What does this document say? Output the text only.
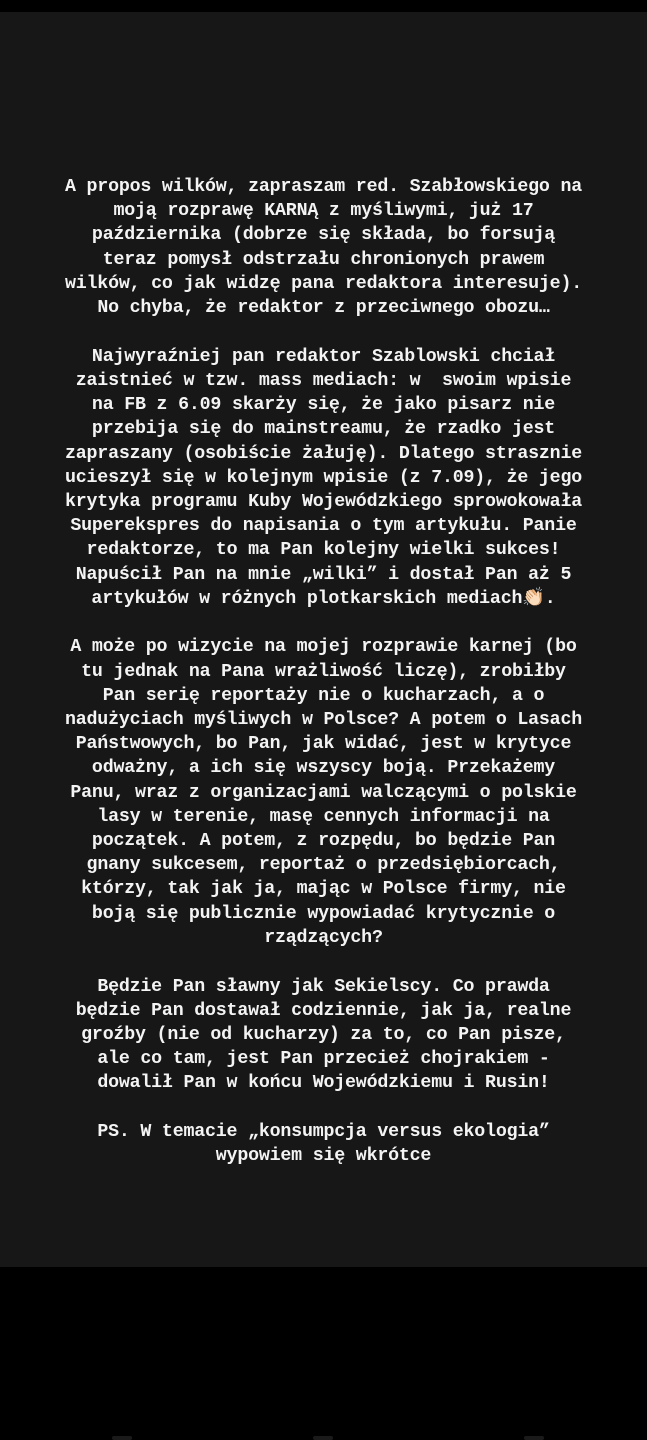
A propos wilków, zapraszam red. Szabłowskiego na
moją rozprawę KARNĄ z myśliwymi, już 17
października (dobrze się składa, bo forsują
teraz pomysł odstrzału chronionych prawem
wilków, co jak widzę pana redaktora interesuje).
No chyba, że redaktor z przeciwnego obozu…

Najwyraźniej pan redaktor Szablowski chciał
zaistnieć w tzw. mass mediach: w  swoim wpisie
na FB z 6.09 skarży się, że jako pisarz nie
przebija się do mainstreamu, że rzadko jest
zapraszany (osobiście żałuję). Dlatego strasznie
ucieszył się w kolejnym wpisie (z 7.09), że jego
krytyka programu Kuby Wojewódzkiego sprowokowała
Superekspres do napisania o tym artykułu. Panie
redaktorze, to ma Pan kolejny wielki sukces!
Napuścił Pan na mnie „wilki” i dostał Pan aż 5
artykułów w różnych plotkarskich mediach👏🏻.

A może po wizycie na mojej rozprawie karnej (bo
tu jednak na Pana wrażliwość liczę), zrobiłby
Pan serię reportaży nie o kucharzach, a o
nadużyciach myśliwych w Polsce? A potem o Lasach
Państwowych, bo Pan, jak widać, jest w krytyce
odważny, a ich się wszyscy boją. Przekażemy
Panu, wraz z organizacjami walczącymi o polskie
lasy w terenie, masę cennych informacji na
początek. A potem, z rozpędu, bo będzie Pan
gnany sukcesem, reportaż o przedsiębiorcach,
którzy, tak jak ja, mając w Polsce firmy, nie
boją się publicznie wypowiadać krytycznie o
rządzących?

Będzie Pan sławny jak Sekielscy. Co prawda
będzie Pan dostawał codziennie, jak ja, realne
groźby (nie od kucharzy) za to, co Pan pisze,
ale co tam, jest Pan przecież chojrakiem -
dowalił Pan w końcu Wojewódzkiemu i Rusin!

PS. W temacie „konsumpcja versus ekologia”
wypowiem się wkrótce
